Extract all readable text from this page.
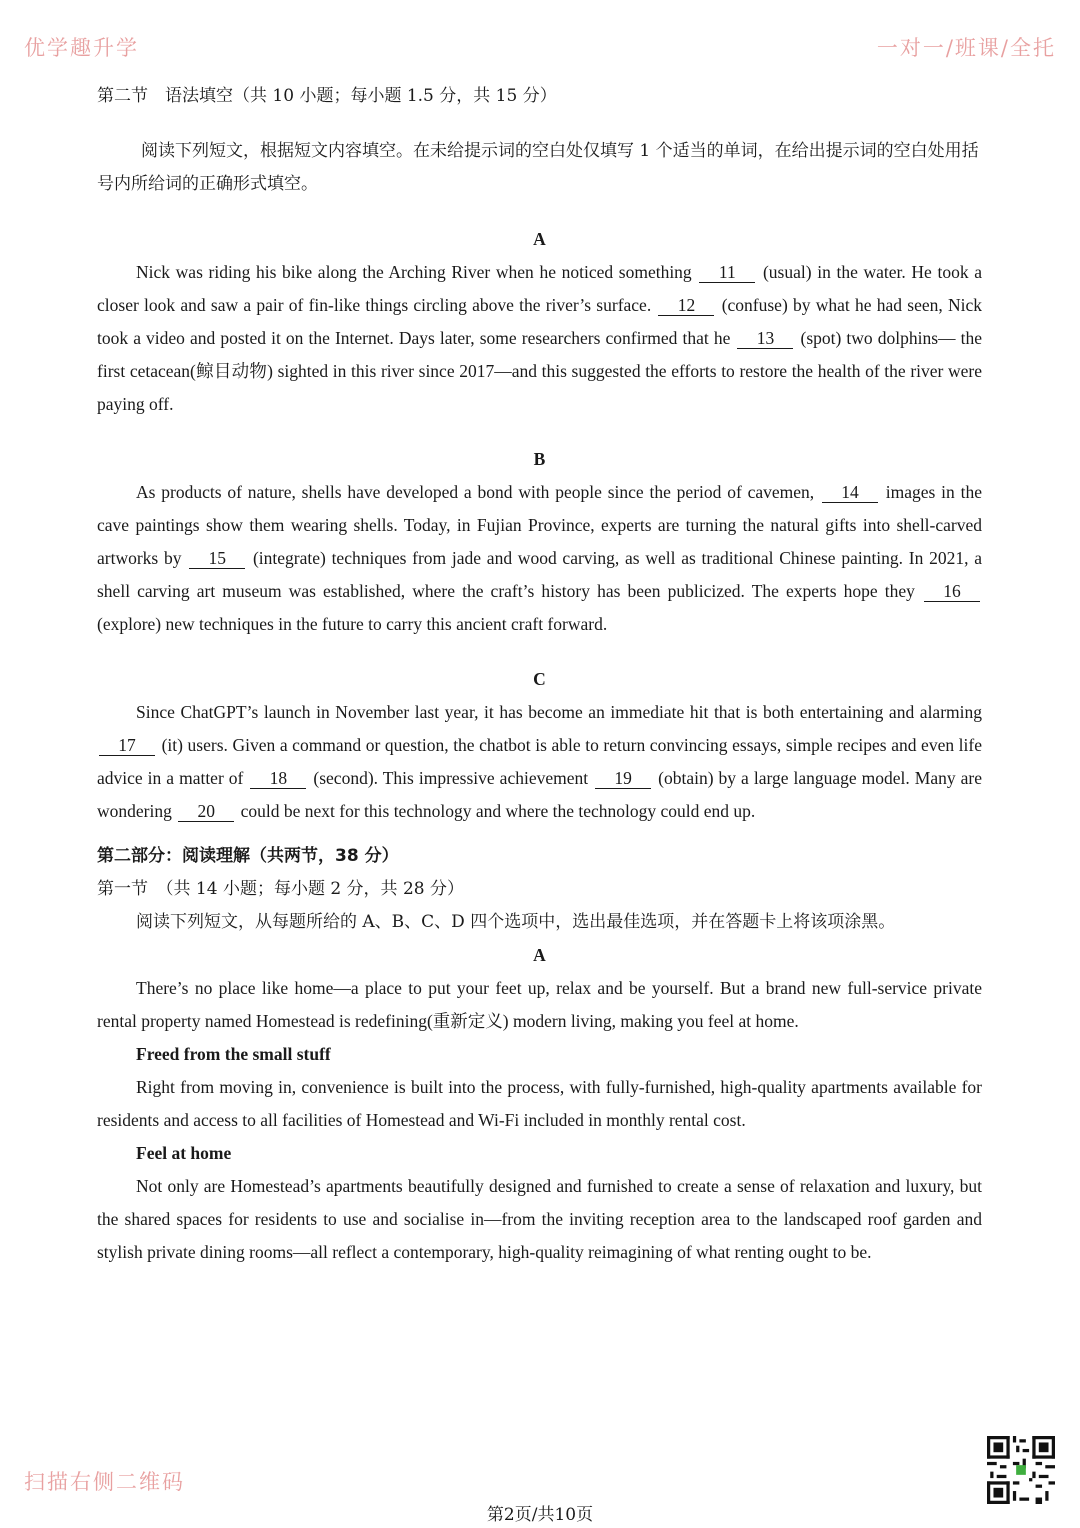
优学趣升学	一对一/班课/全托

第二节　语法填空（共 10 小题；每小题 1.5 分，共 15 分）

阅读下列短文，根据短文内容填空。在未给提示词的空白处仅填写 1 个适当的单词，在给出提示词的空白处用括号内所给词的正确形式填空。

A

Nick was riding his bike along the Arching River when he noticed something 11 (usual) in the water. He took a closer look and saw a pair of fin-like things circling above the river’s surface. 12 (confuse) by what he had seen, Nick took a video and posted it on the Internet. Days later, some researchers confirmed that he 13 (spot) two dolphins— the first cetacean(鲸目动物) sighted in this river since 2017—and this suggested the efforts to restore the health of the river were paying off.

B

As products of nature, shells have developed a bond with people since the period of cavemen, 14 images in the cave paintings show them wearing shells. Today, in Fujian Province, experts are turning the natural gifts into shell-carved artworks by 15 (integrate) techniques from jade and wood carving, as well as traditional Chinese painting. In 2021, a shell carving art museum was established, where the craft’s history has been publicized. The experts hope they 16 (explore) new techniques in the future to carry this ancient craft forward.

C

Since ChatGPT’s launch in November last year, it has become an immediate hit that is both entertaining and alarming 17 (it) users. Given a command or question, the chatbot is able to return convincing essays, simple recipes and even life advice in a matter of 18 (second). This impressive achievement 19 (obtain) by a large language model. Many are wondering 20 could be next for this technology and where the technology could end up.

第二部分：阅读理解（共两节，38 分）

第一节　（共 14 小题；每小题 2 分，共 28 分）

阅读下列短文，从每题所给的 A、B、C、D 四个选项中，选出最佳选项，并在答题卡上将该项涂黑。

A

There’s no place like home—a place to put your feet up, relax and be yourself. But a brand new full-service private rental property named Homestead is redefining(重新定义) modern living, making you feel at home.

Freed from the small stuff

Right from moving in, convenience is built into the process, with fully-furnished, high-quality apartments available for residents and access to all facilities of Homestead and Wi-Fi included in monthly rental cost.

Feel at home

Not only are Homestead’s apartments beautifully designed and furnished to create a sense of relaxation and luxury, but the shared spaces for residents to use and socialise in—from the inviting reception area to the landscaped roof garden and stylish private dining rooms—all reflect a contemporary, high-quality reimagining of what renting ought to be.

扫描右侧二维码
第2页/共10页
